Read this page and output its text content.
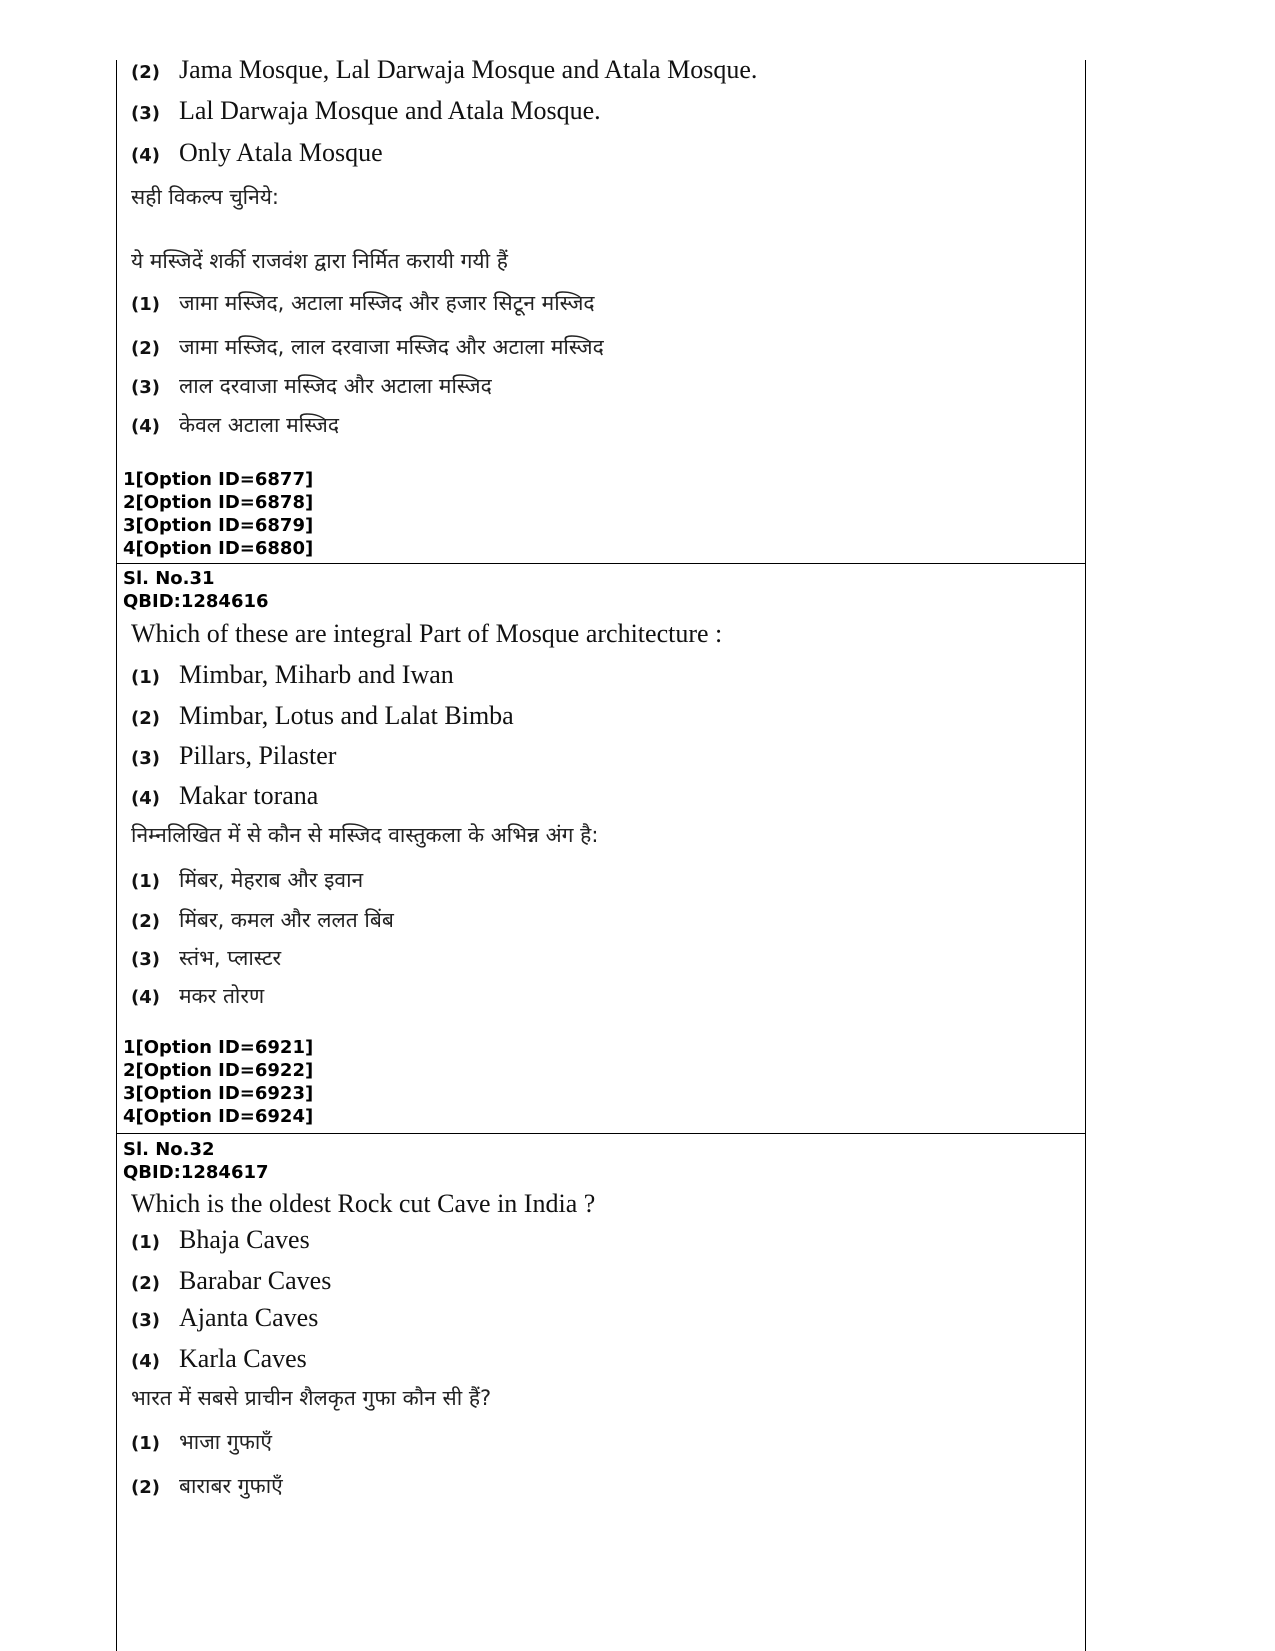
(2) Jama Mosque, Lal Darwaja Mosque and Atala Mosque.
(3) Lal Darwaja Mosque and Atala Mosque.
(4) Only Atala Mosque
सही विकल्प चुनिये:
ये मस्जिदें शर्की राजवंश द्वारा निर्मित करायी गयी हैं
(1) जामा मस्जिद, अटाला मस्जिद और हजार सिटून मस्जिद
(2) जामा मस्जिद, लाल दरवाजा मस्जिद और अटाला मस्जिद
(3) लाल दरवाजा मस्जिद और अटाला मस्जिद
(4) केवल अटाला मस्जिद
1[Option ID=6877]
2[Option ID=6878]
3[Option ID=6879]
4[Option ID=6880]
Sl. No.31
QBID:1284616
Which of these are integral Part of Mosque architecture :
(1) Mimbar, Miharb and Iwan
(2) Mimbar, Lotus and Lalat Bimba
(3) Pillars, Pilaster
(4) Makar torana
निम्नलिखित में से कौन से मस्जिद वास्तुकला के अभिन्न अंग है:
(1) मिंबर, मेहराब और इवान
(2) मिंबर, कमल और ललत बिंब
(3) स्तंभ, प्लास्टर
(4) मकर तोरण
1[Option ID=6921]
2[Option ID=6922]
3[Option ID=6923]
4[Option ID=6924]
Sl. No.32
QBID:1284617
Which is the oldest Rock cut Cave in India ?
(1) Bhaja Caves
(2) Barabar Caves
(3) Ajanta Caves
(4) Karla Caves
भारत में सबसे प्राचीन शैलकृत गुफा कौन सी हैं?
(1) भाजा गुफाएँ
(2) बाराबर गुफाएँ
